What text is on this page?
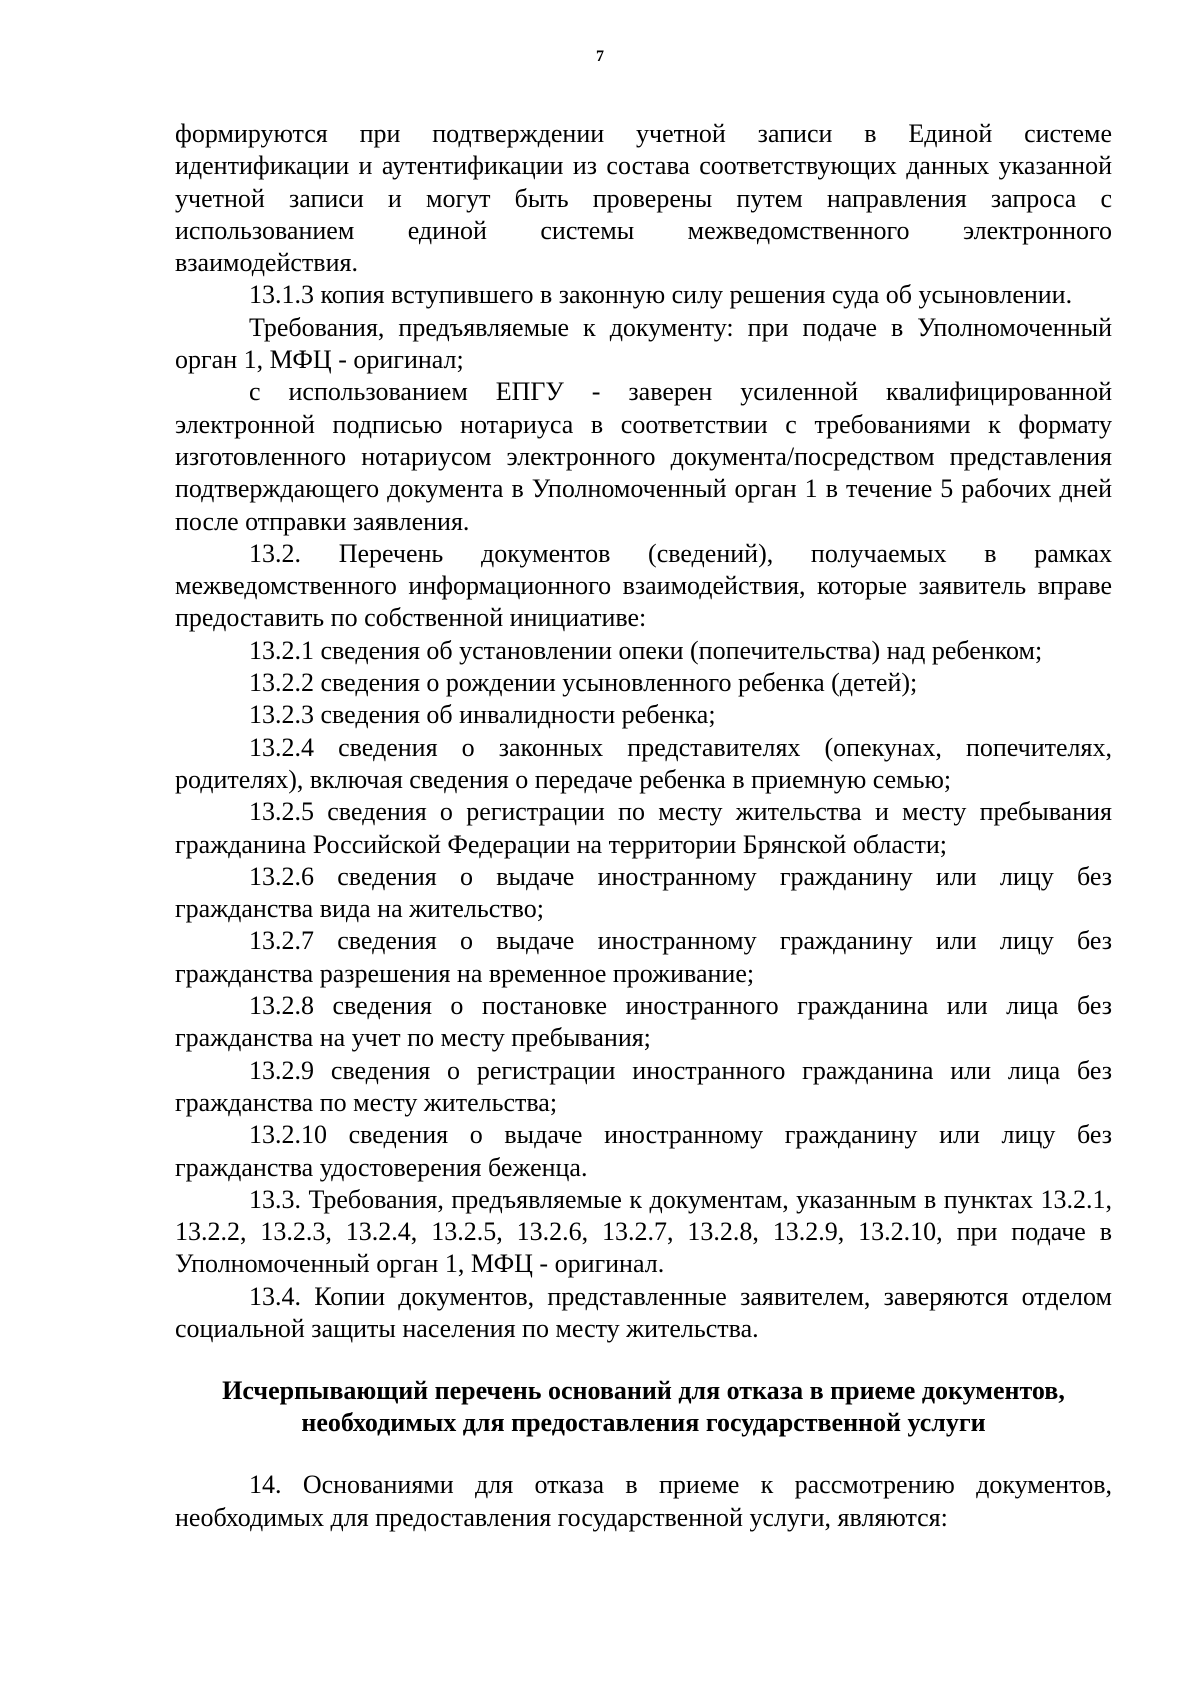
7

формируются при подтверждении учетной записи в Единой системе идентификации и аутентификации из состава соответствующих данных указанной учетной записи и могут быть проверены путем направления запроса с использованием единой системы межведомственного электронного взаимодействия.

13.1.3 копия вступившего в законную силу решения суда об усыновлении.

Требования, предъявляемые к документу: при подаче в Уполномоченный орган 1, МФЦ - оригинал;

с использованием ЕПГУ - заверен усиленной квалифицированной электронной подписью нотариуса в соответствии с требованиями к формату изготовленного нотариусом электронного документа/посредством представления подтверждающего документа в Уполномоченный орган 1 в течение 5 рабочих дней после отправки заявления.

13.2. Перечень документов (сведений), получаемых в рамках межведомственного информационного взаимодействия, которые заявитель вправе предоставить по собственной инициативе:

13.2.1 сведения об установлении опеки (попечительства) над ребенком;

13.2.2 сведения о рождении усыновленного ребенка (детей);

13.2.3 сведения об инвалидности ребенка;

13.2.4 сведения о законных представителях (опекунах, попечителях, родителях), включая сведения о передаче ребенка в приемную семью;

13.2.5 сведения о регистрации по месту жительства и месту пребывания гражданина Российской Федерации на территории Брянской области;

13.2.6 сведения о выдаче иностранному гражданину или лицу без гражданства вида на жительство;

13.2.7 сведения о выдаче иностранному гражданину или лицу без гражданства разрешения на временное проживание;

13.2.8 сведения о постановке иностранного гражданина или лица без гражданства на учет по месту пребывания;

13.2.9 сведения о регистрации иностранного гражданина или лица без гражданства по месту жительства;

13.2.10 сведения о выдаче иностранному гражданину или лицу без гражданства удостоверения беженца.

13.3. Требования, предъявляемые к документам, указанным в пунктах 13.2.1, 13.2.2, 13.2.3, 13.2.4, 13.2.5, 13.2.6, 13.2.7, 13.2.8, 13.2.9, 13.2.10, при подаче в Уполномоченный орган 1, МФЦ - оригинал.

13.4. Копии документов, представленные заявителем, заверяются отделом социальной защиты населения по месту жительства.

Исчерпывающий перечень оснований для отказа в приеме документов, необходимых для предоставления государственной услуги

14. Основаниями для отказа в приеме к рассмотрению документов, необходимых для предоставления государственной услуги, являются:
